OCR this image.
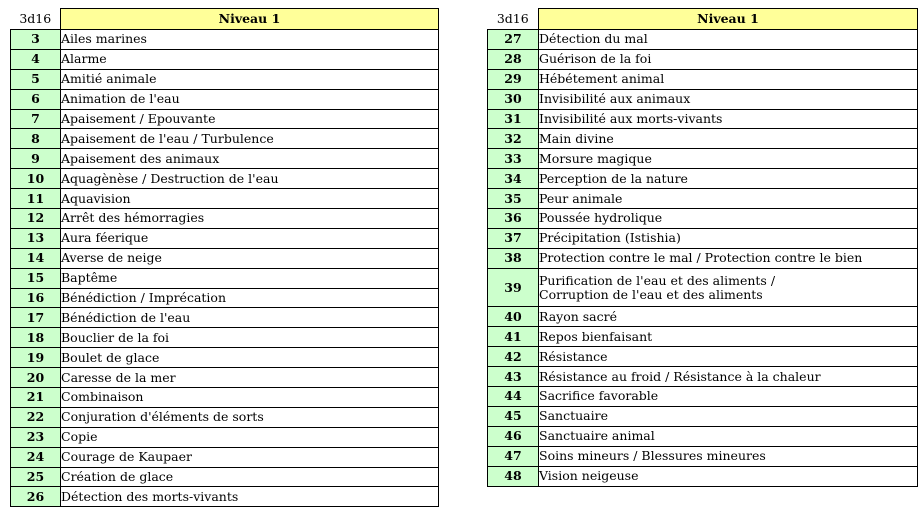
3d16	Niveau 1
3	Ailes marines
4	Alarme
5	Amitié animale
6	Animation de l'eau
7	Apaisement / Epouvante
8	Apaisement de l'eau / Turbulence
9	Apaisement des animaux
10	Aquagènèse / Destruction de l'eau
11	Aquavision
12	Arrêt des hémorragies
13	Aura féerique
14	Averse de neige
15	Baptême
16	Bénédiction / Imprécation
17	Bénédiction de l'eau
18	Bouclier de la foi
19	Boulet de glace
20	Caresse de la mer
21	Combinaison
22	Conjuration d'éléments de sorts
23	Copie
24	Courage de Kaupaer
25	Création de glace
26	Détection des morts-vivants
3d16	Niveau 1
27	Détection du mal
28	Guérison de la foi
29	Hébétement animal
30	Invisibilité aux animaux
31	Invisibilité aux morts-vivants
32	Main divine
33	Morsure magique
34	Perception de la nature
35	Peur animale
36	Poussée hydrolique
37	Précipitation (Istishia)
38	Protection contre le mal / Protection contre le bien
39	Purification de l'eau et des aliments /
Corruption de l'eau et des aliments

40	Rayon sacré
41	Repos bienfaisant
42	Résistance
43	Résistance au froid / Résistance à la chaleur
44	Sacrifice favorable
45	Sanctuaire
46	Sanctuaire animal
47	Soins mineurs / Blessures mineures
48	Vision neigeuse
